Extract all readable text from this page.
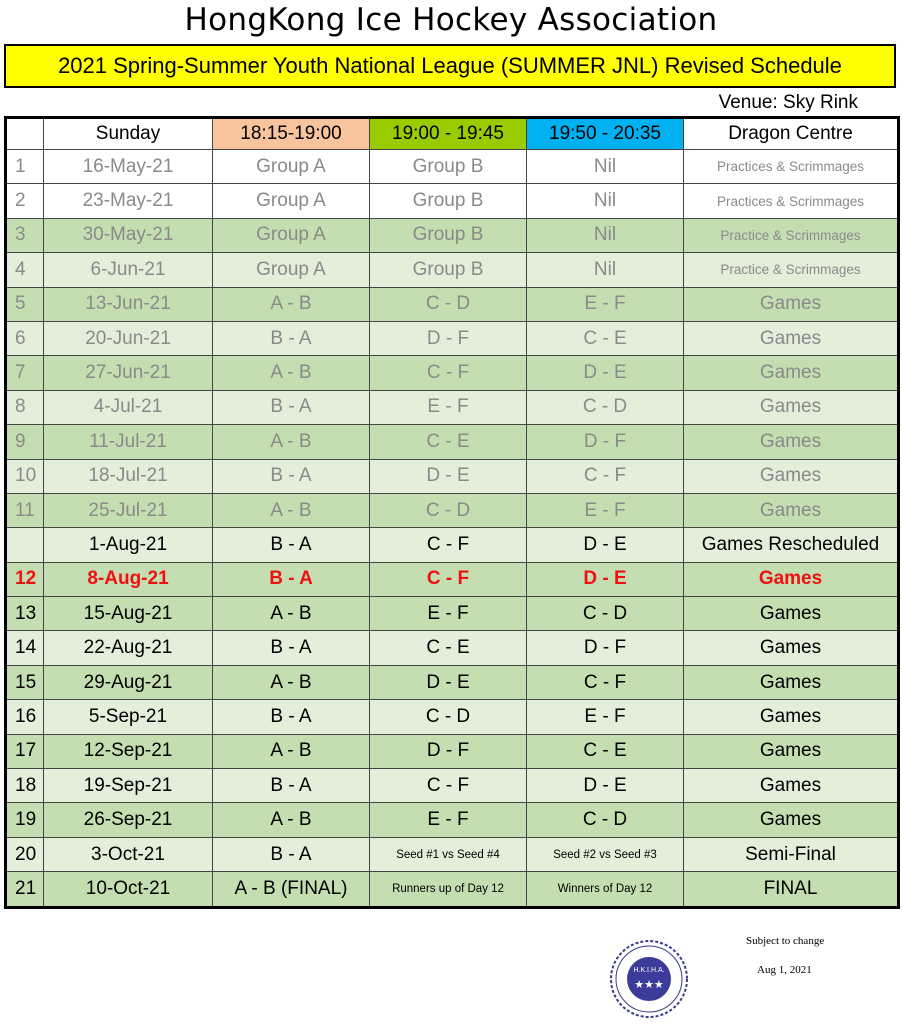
HongKong Ice Hockey Association
2021 Spring-Summer Youth National League (SUMMER JNL) Revised Schedule
Venue: Sky Rink
	Sunday	18:15-19:00	19:00 - 19:45	19:50 - 20:35	Dragon Centre
1	16-May-21	Group A	Group B	Nil	Practices & Scrimmages
2	23-May-21	Group A	Group B	Nil	Practices & Scrimmages
3	30-May-21	Group A	Group B	Nil	Practice & Scrimmages
4	6-Jun-21	Group A	Group B	Nil	Practice & Scrimmages
5	13-Jun-21	A - B	C - D	E - F	Games
6	20-Jun-21	B - A	D - F	C - E	Games
7	27-Jun-21	A - B	C - F	D - E	Games
8	4-Jul-21	B - A	E - F	C - D	Games
9	11-Jul-21	A - B	C - E	D - F	Games
10	18-Jul-21	B - A	D - E	C - F	Games
11	25-Jul-21	A - B	C - D	E - F	Games
	1-Aug-21	B - A	C - F	D - E	Games Rescheduled
12	8-Aug-21	B - A	C - F	D - E	Games
13	15-Aug-21	A - B	E - F	C - D	Games
14	22-Aug-21	B - A	C - E	D - F	Games
15	29-Aug-21	A - B	D - E	C - F	Games
16	5-Sep-21	B - A	C - D	E - F	Games
17	12-Sep-21	A - B	D - F	C - E	Games
18	19-Sep-21	B - A	C - F	D - E	Games
19	26-Sep-21	A - B	E - F	C - D	Games
20	3-Oct-21	B - A	Seed #1 vs Seed #4	Seed #2 vs Seed #3	Semi-Final
21	10-Oct-21	A - B (FINAL)	Runners up of Day 12	Winners of Day 12	FINAL
Subject to change
Aug 1, 2021
H.K.I.H.A.
★★★
